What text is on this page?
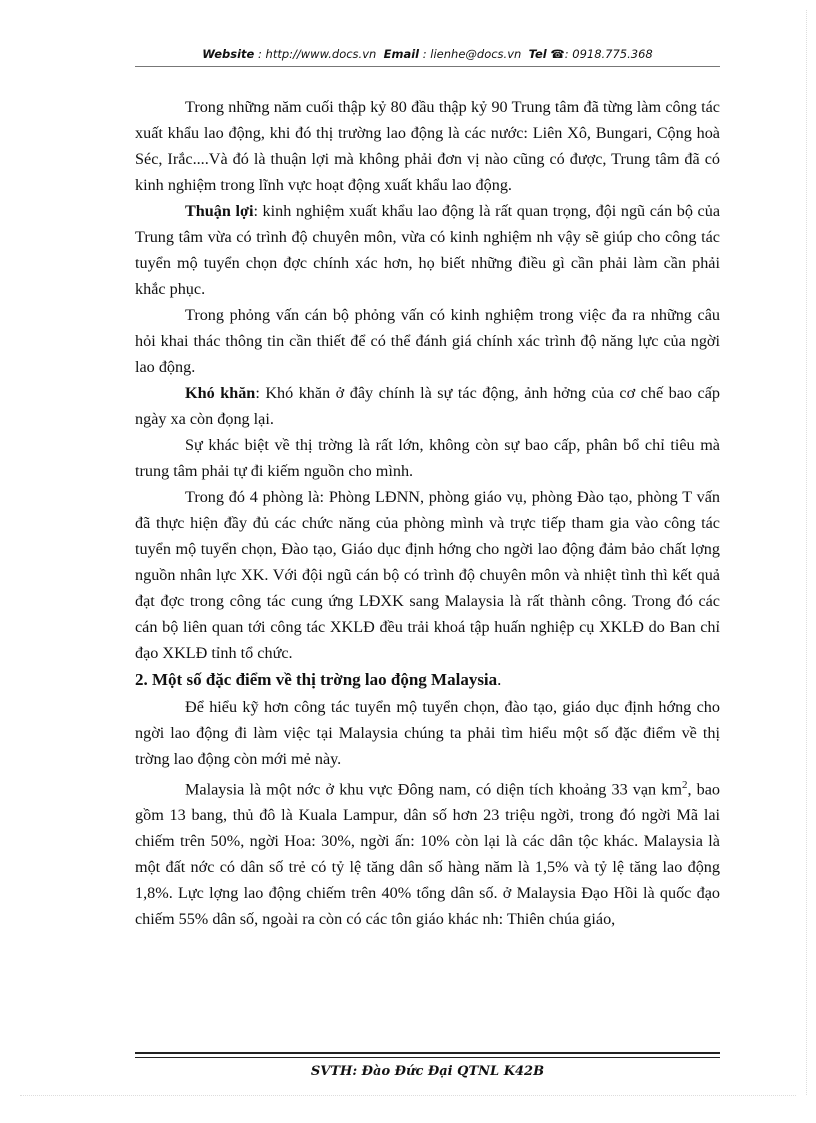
Website : http://www.docs.vn Email : lienhe@docs.vn Tel ☎: 0918.775.368

Trong những năm cuối thập kỷ 80 đầu thập kỷ 90 Trung tâm đã từng làm công tác xuất khẩu lao động, khi đó thị trường lao động là các nước: Liên Xô, Bungari, Cộng hoà Séc, Irắc....Và đó là thuận lợi mà không phải đơn vị nào cũng có được, Trung tâm đã có kinh nghiệm trong lĩnh vực hoạt động xuất khẩu lao động.

Thuận lợi: kinh nghiệm xuất khẩu lao động là rất quan trọng, đội ngũ cán bộ của Trung tâm vừa có trình độ chuyên môn, vừa có kinh nghiệm nh vậy sẽ giúp cho công tác tuyển mộ tuyển chọn đợc chính xác hơn, họ biết những điều gì cần phải làm cần phải khắc phục.

Trong phỏng vấn cán bộ phỏng vấn có kinh nghiệm trong việc đa ra những câu hỏi khai thác thông tin cần thiết để có thể đánh giá chính xác trình độ năng lực của ngời lao động.

Khó khăn: Khó khăn ở đây chính là sự tác động, ảnh hởng của cơ chế bao cấp ngày xa còn đọng lại.

Sự khác biệt về thị trờng là rất lớn, không còn sự bao cấp, phân bổ chỉ tiêu mà trung tâm phải tự đi kiếm nguồn cho mình.

Trong đó 4 phòng là: Phòng LĐNN, phòng giáo vụ, phòng Đào tạo, phòng T vấn đã thực hiện đầy đủ các chức năng của phòng mình và trực tiếp tham gia vào công tác tuyển mộ tuyển chọn, Đào tạo, Giáo dục định hớng cho ngời lao động đảm bảo chất lợng nguồn nhân lực XK. Với đội ngũ cán bộ có trình độ chuyên môn và nhiệt tình thì kết quả đạt đợc trong công tác cung ứng LĐXK sang Malaysia là rất thành công. Trong đó các cán bộ liên quan tới công tác XKLĐ đều trải khoá tập huấn nghiệp cụ XKLĐ do Ban chỉ đạo XKLĐ tỉnh tổ chức.

2. Một số đặc điểm về thị trờng lao động Malaysia.

Để hiểu kỹ hơn công tác tuyển mộ tuyển chọn, đào tạo, giáo dục định hớng cho ngời lao động đi làm việc tại Malaysia chúng ta phải tìm hiểu một số đặc điểm về thị trờng lao động còn mới mẻ này.

Malaysia là một nớc ở khu vực Đông nam, có diện tích khoảng 33 vạn $km^2$, bao gồm 13 bang, thủ đô là Kuala Lampur, dân số hơn 23 triệu ngời, trong đó ngời Mã lai chiếm trên 50%, ngời Hoa: 30%, ngời ấn: 10% còn lại là các dân tộc khác. Malaysia là một đất nớc có dân số trẻ có tỷ lệ tăng dân số hàng năm là 1,5% và tỷ lệ tăng lao động 1,8%. Lực lợng lao động chiếm trên 40% tổng dân số. ở Malaysia Đạo Hồi là quốc đạo chiếm 55% dân số, ngoài ra còn có các tôn giáo khác nh: Thiên chúa giáo,

SVTH: Đào Đức Đại QTNL K42B
